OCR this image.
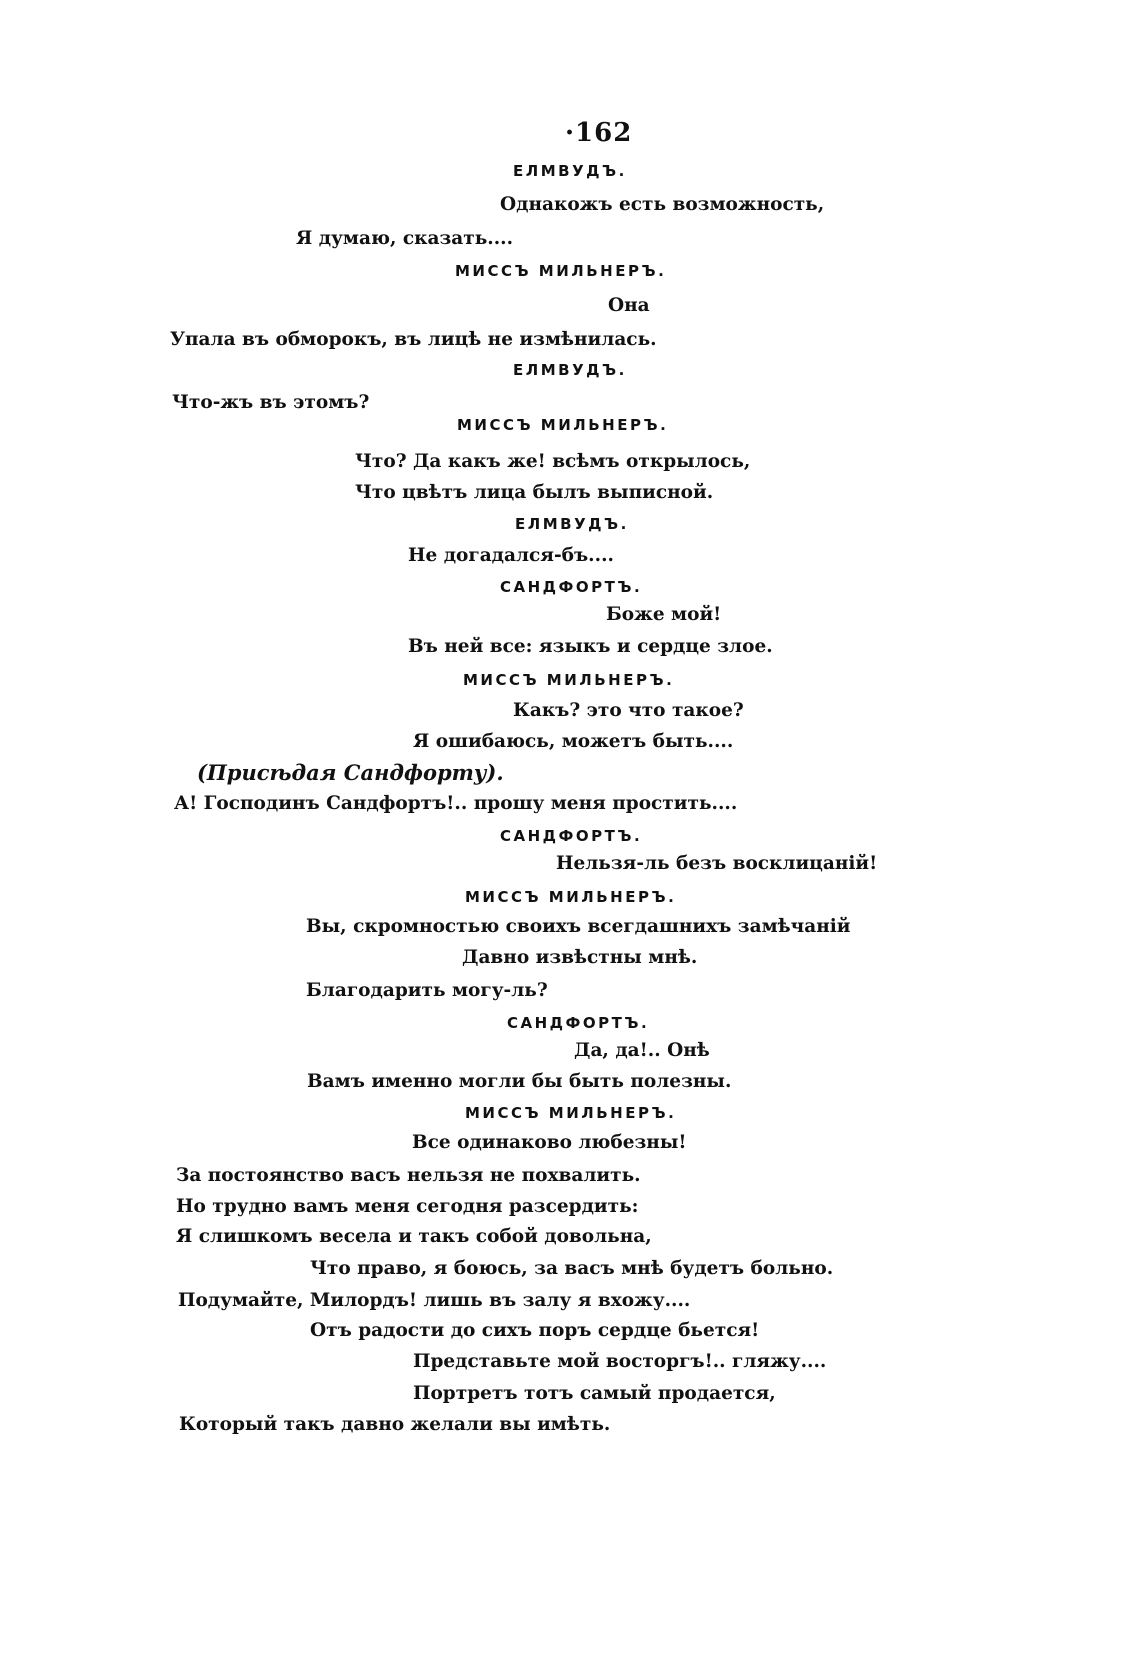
·162
ЕЛМВУДЪ.
Однакожъ есть возможность,
Я думаю, сказать....
МИССЪ МИЛЬНЕРЪ.
Она
Упала въ обморокъ, въ лицѣ не измѣнилась.
ЕЛМВУДЪ.
Что-жъ въ этомъ?
МИССЪ МИЛЬНЕРЪ.
Что? Да какъ же! всѣмъ открылось,
Что цвѣтъ лица былъ выписной.
ЕЛМВУДЪ.
Не догадался-бъ....
САНДФОРТЪ.
Боже мой!
Въ ней все: языкъ и сердце злое.
МИССЪ МИЛЬНЕРЪ.
Какъ? это что такое?
Я ошибаюсь, можетъ быть....
(Присѣдая Сандфорту).
А! Господинъ Сандфортъ!.. прошу меня простить....
САНДФОРТЪ.
Нельзя-ль безъ восклицаній!
МИССЪ МИЛЬНЕРЪ.
Вы, скромностью своихъ всегдашнихъ замѣчаній
Давно извѣстны мнѣ.
Благодарить могу-ль?
САНДФОРТЪ.
Да, да!.. Онѣ
Вамъ именно могли бы быть полезны.
МИССЪ МИЛЬНЕРЪ.
Все одинаково любезны!
За постоянство васъ нельзя не похвалить.
Но трудно вамъ меня сегодня разсердить:
Я слишкомъ весела и такъ собой довольна,
Что право, я боюсь, за васъ мнѣ будетъ больно.
Подумайте, Милордъ! лишь въ залу я вхожу....
Отъ радости до сихъ поръ сердце бьется!
Представьте мой восторгъ!.. гляжу....
Портретъ тотъ самый продается,
Который такъ давно желали вы имѣть.
